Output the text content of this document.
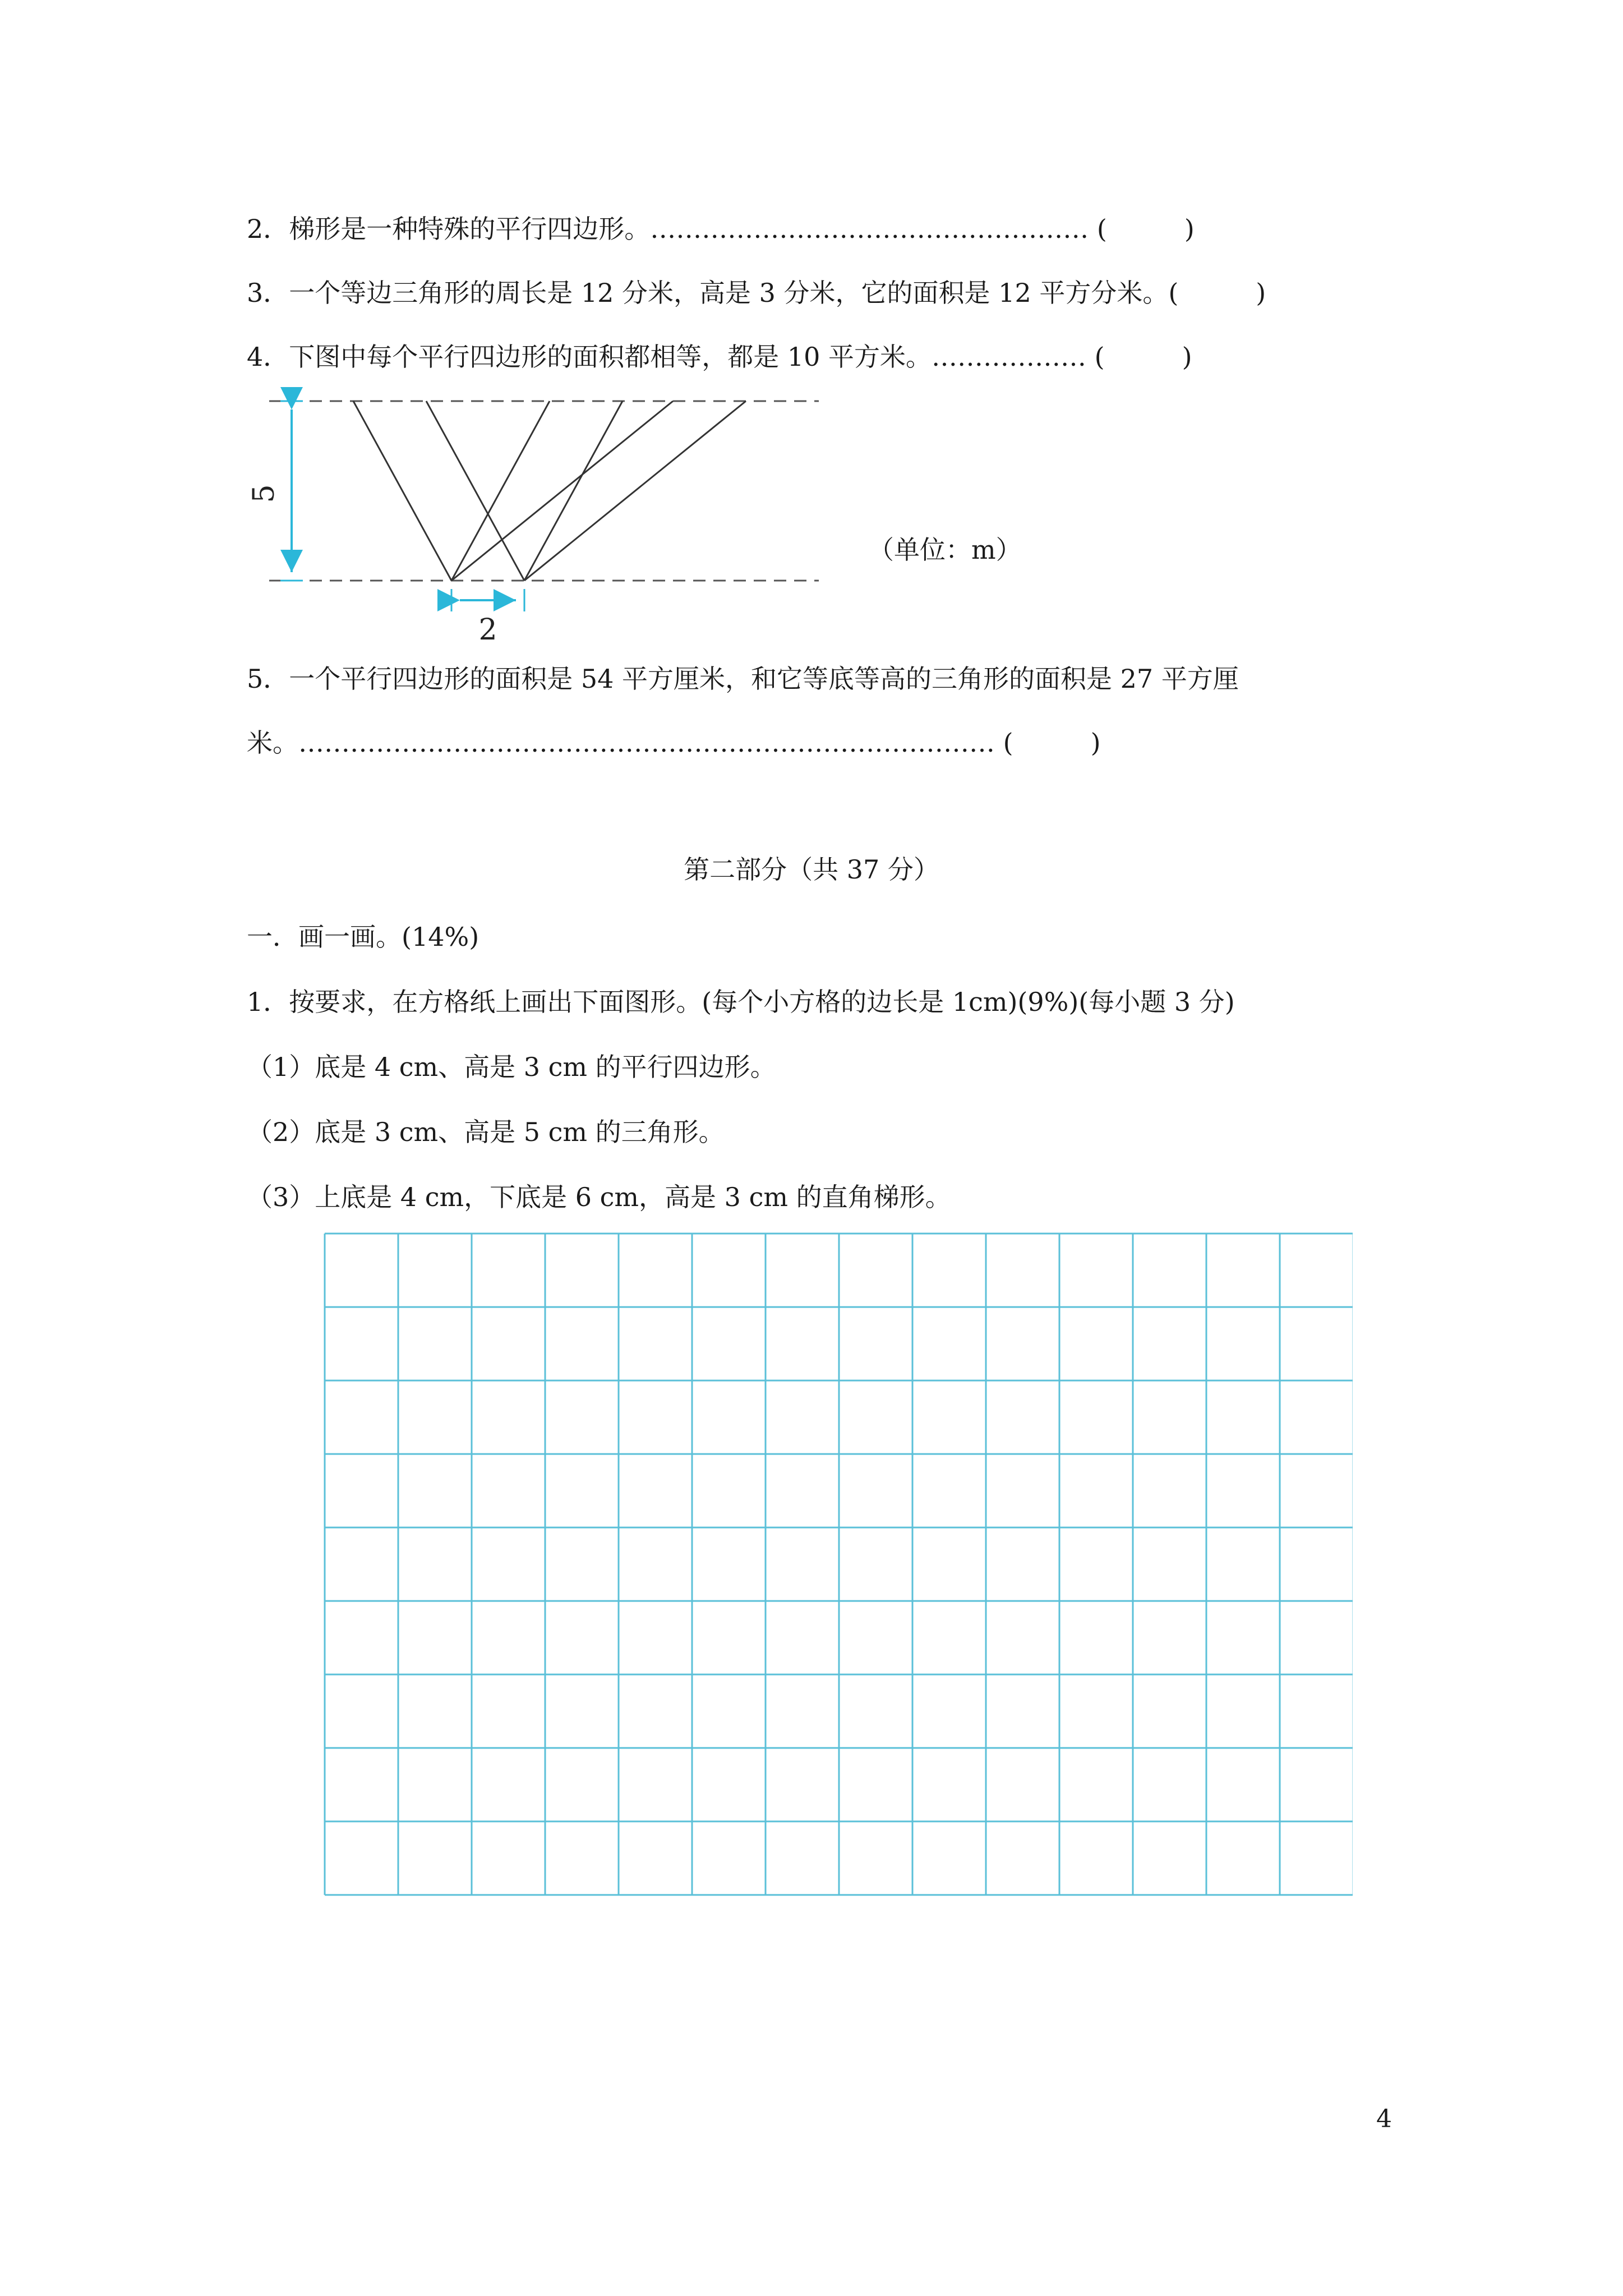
2．梯形是一种特殊的平行四边形。…………………………………………… (　　　)
3．一个等边三角形的周长是 12 分米，高是 3 分米，它的面积是 12 平方分米。(　　　)
4．下图中每个平行四边形的面积都相等，都是 10 平方米。……………… (　　　)
5
2
（单位：m）
5．一个平行四边形的面积是 54 平方厘米，和它等底等高的三角形的面积是 27 平方厘
米。……………………………………………………………………… (　　　)
第二部分（共 37 分）
一．画一画。(14%)
1．按要求，在方格纸上画出下面图形。(每个小方格的边长是 1cm)(9%)(每小题 3 分)
（1）底是 4 cm、高是 3 cm 的平行四边形。
（2）底是 3 cm、高是 5 cm 的三角形。
（3）上底是 4 cm，下底是 6 cm，高是 3 cm 的直角梯形。
4
